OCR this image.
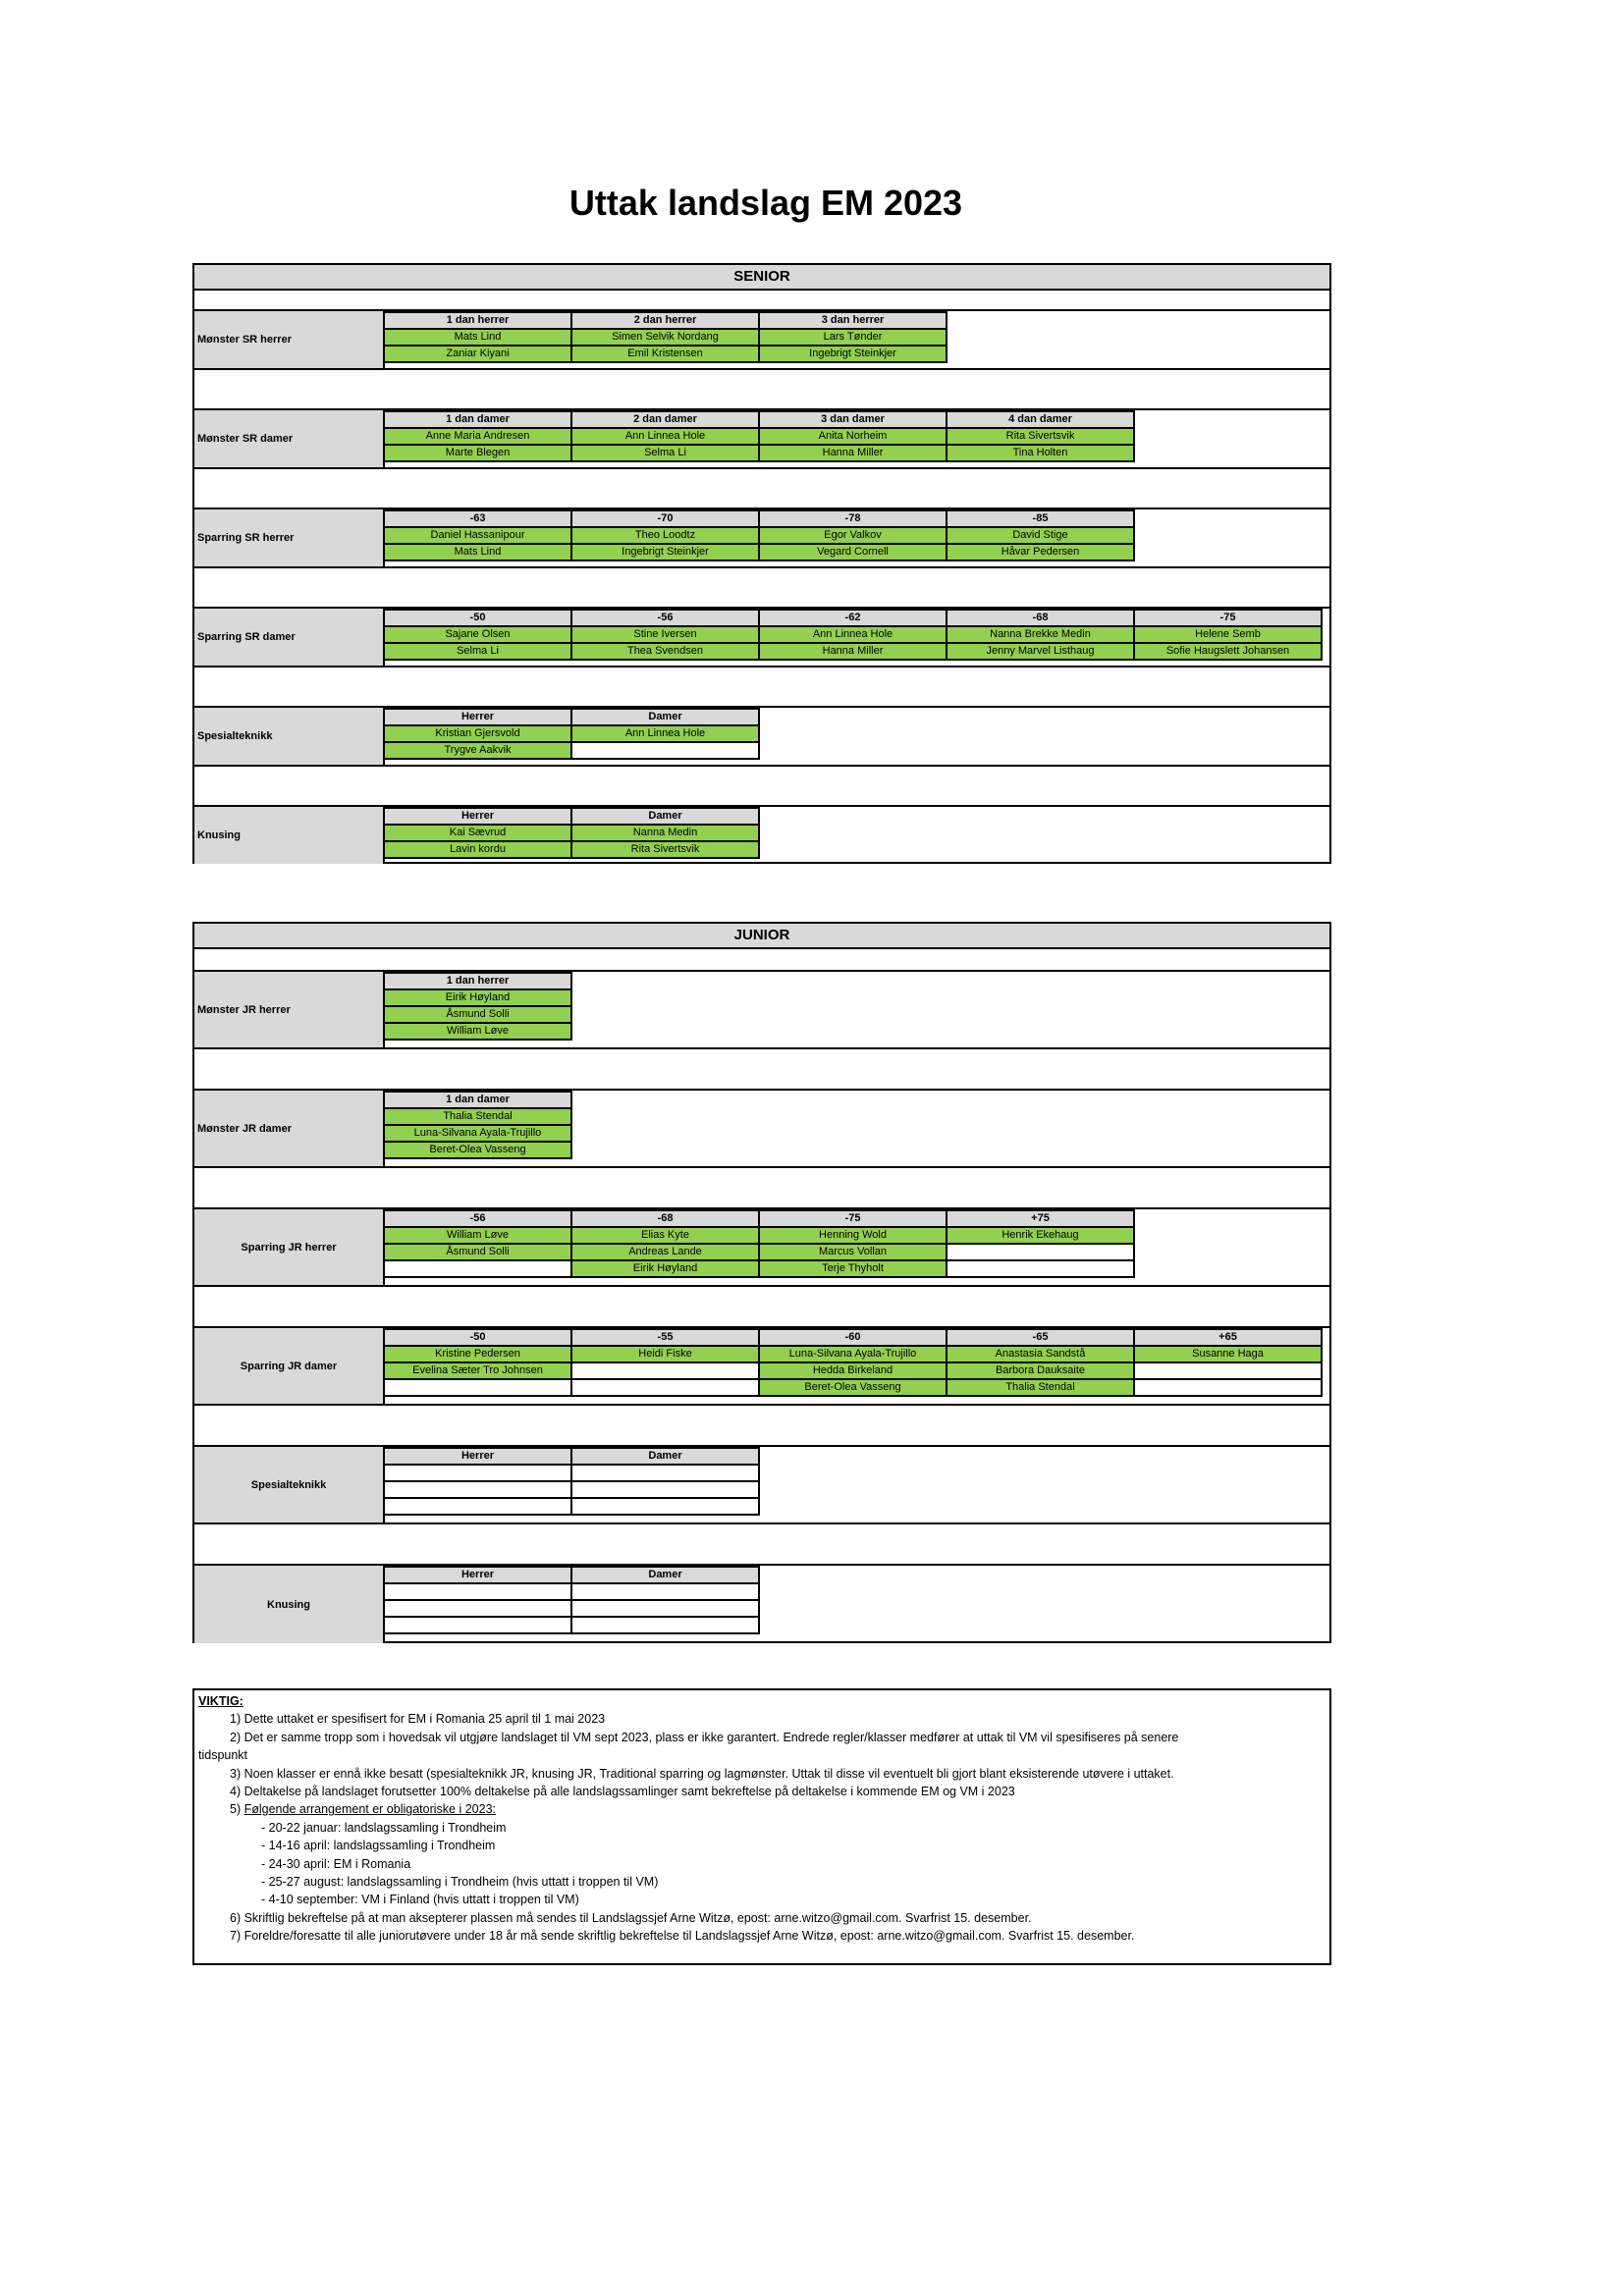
Uttak landslag EM 2023
SENIOR
Mønster SR herrer
1 dan herrer	2 dan herrer	3 dan herrer
Mats Lind	Simen Selvik Nordang	Lars Tønder
Zaniar Kiyani	Emil Kristensen	Ingebrigt Steinkjer
Mønster SR damer
1 dan damer	2 dan damer	3 dan damer	4 dan damer
Anne Maria Andresen	Ann Linnea Hole	Anita Norheim	Rita Sivertsvik
Marte Blegen	Selma Li	Hanna Miller	Tina Holten
Sparring SR herrer
-63	-70	-78	-85
Daniel Hassanipour	Theo Loodtz	Egor Valkov	David Stige
Mats Lind	Ingebrigt Steinkjer	Vegard Cornell	Håvar Pedersen
Sparring SR damer
-50	-56	-62	-68	-75
Sajane Olsen	Stine Iversen	Ann Linnea Hole	Nanna Brekke Medin	Helene Semb
Selma Li	Thea Svendsen	Hanna Miller	Jenny Marvel Listhaug	Sofie Haugslett Johansen
Spesialteknikk
Herrer	Damer
Kristian Gjersvold	Ann Linnea Hole
Trygve Aakvik	
Knusing
Herrer	Damer
Kai Sævrud	Nanna Medin
Lavin kordu	Rita Sivertsvik
JUNIOR
Mønster JR herrer
1 dan herrer
Eirik Høyland
Åsmund Solli
William Løve
Mønster JR damer
1 dan damer
Thalia Stendal
Luna-Silvana Ayala-Trujillo
Beret-Olea Vasseng
Sparring JR herrer
-56	-68	-75	+75
William Løve	Elias Kyte	Henning Wold	Henrik Ekehaug
Åsmund Solli	Andreas Lande	Marcus Vollan	
	Eirik Høyland	Terje Thyholt	
Sparring JR damer
-50	-55	-60	-65	+65
Kristine Pedersen	Heidi Fiske	Luna-Silvana Ayala-Trujillo	Anastasia Sandstå	Susanne Haga
Evelina Sæter Tro Johnsen		Hedda Birkeland	Barbora Dauksaite	
		Beret-Olea Vasseng	Thalia Stendal	
Spesialteknikk
Herrer	Damer

Knusing
Herrer	Damer

VIKTIG:
1) Dette uttaket er spesifisert for EM i Romania 25 april til 1 mai 2023
2) Det er samme tropp som i hovedsak vil utgjøre landslaget til VM sept 2023, plass er ikke garantert. Endrede regler/klasser medfører at uttak til VM vil spesifiseres på senere
tidspunkt
3) Noen klasser er ennå ikke besatt (spesialteknikk JR, knusing JR, Traditional sparring og lagmønster. Uttak til disse vil eventuelt bli gjort blant eksisterende utøvere i uttaket.
4) Deltakelse på landslaget forutsetter 100% deltakelse på alle landslagssamlinger samt bekreftelse på deltakelse i kommende EM og VM i 2023
5) Følgende arrangement er obligatoriske i 2023:
- 20-22 januar: landslagssamling i Trondheim
- 14-16 april: landslagssamling i Trondheim
- 24-30 april: EM i Romania
- 25-27 august: landslagssamling i Trondheim (hvis uttatt i troppen til VM)
- 4-10 september: VM i Finland (hvis uttatt i troppen til VM)
6) Skriftlig bekreftelse på at man aksepterer plassen må sendes til Landslagssjef Arne Witzø, epost: arne.witzo@gmail.com. Svarfrist 15. desember.
7) Foreldre/foresatte til alle juniorutøvere under 18 år må sende skriftlig bekreftelse til Landslagssjef Arne Witzø, epost: arne.witzo@gmail.com. Svarfrist 15. desember.
